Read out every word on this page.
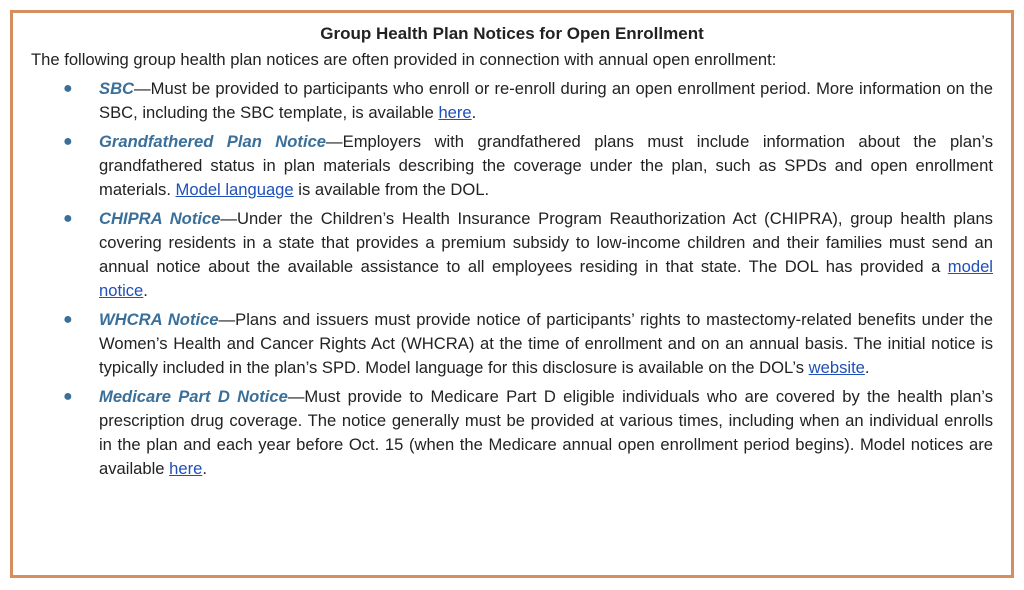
Group Health Plan Notices for Open Enrollment
The following group health plan notices are often provided in connection with annual open enrollment:
● SBC—Must be provided to participants who enroll or re-enroll during an open enrollment period. More information on the SBC, including the SBC template, is available here.
● Grandfathered Plan Notice—Employers with grandfathered plans must include information about the plan’s grandfathered status in plan materials describing the coverage under the plan, such as SPDs and open enrollment materials. Model language is available from the DOL.
● CHIPRA Notice—Under the Children’s Health Insurance Program Reauthorization Act (CHIPRA), group health plans covering residents in a state that provides a premium subsidy to low-income children and their families must send an annual notice about the available assistance to all employees residing in that state. The DOL has provided a model notice.
● WHCRA Notice—Plans and issuers must provide notice of participants’ rights to mastectomy-related benefits under the Women’s Health and Cancer Rights Act (WHCRA) at the time of enrollment and on an annual basis. The initial notice is typically included in the plan’s SPD. Model language for this disclosure is available on the DOL’s website.
● Medicare Part D Notice—Must provide to Medicare Part D eligible individuals who are covered by the health plan’s prescription drug coverage. The notice generally must be provided at various times, including when an individual enrolls in the plan and each year before Oct. 15 (when the Medicare annual open enrollment period begins). Model notices are available here.
